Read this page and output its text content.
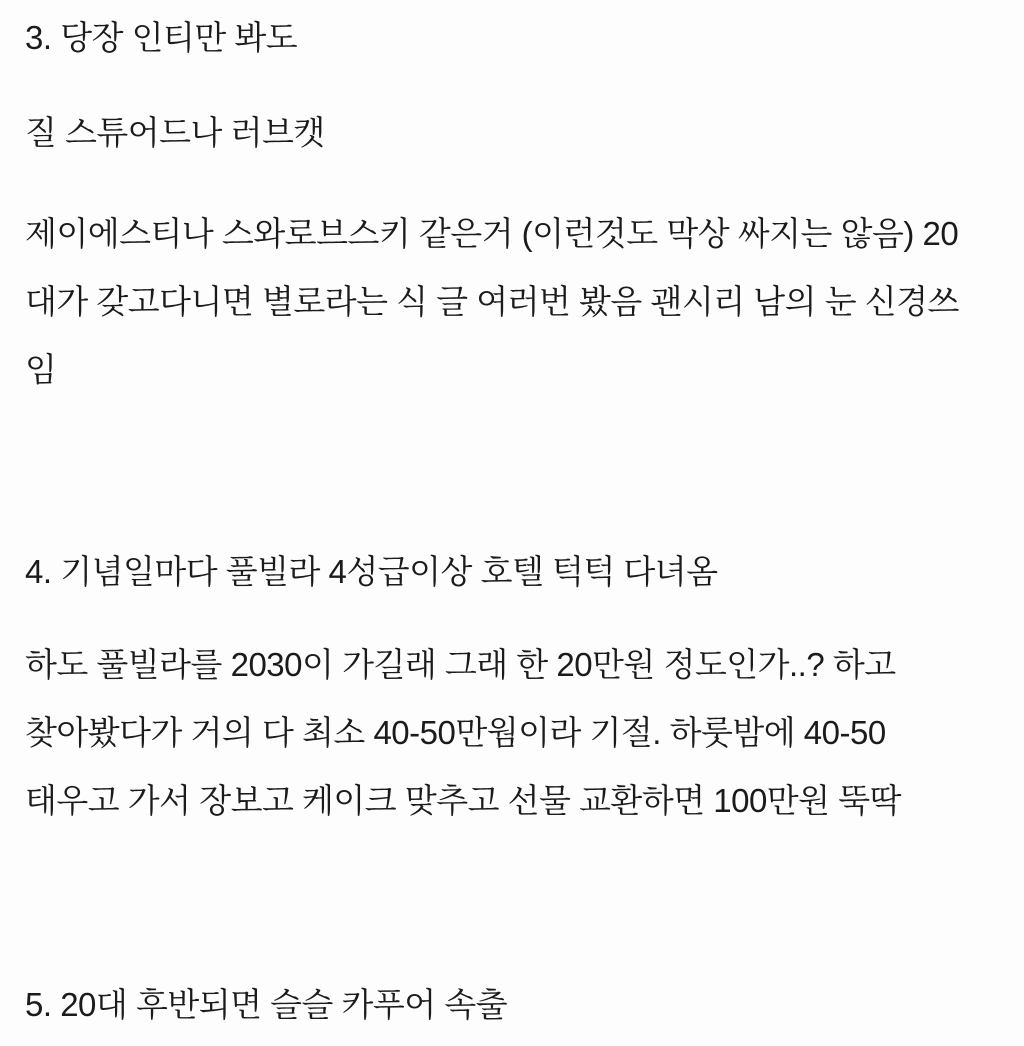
3. 당장 인티만 봐도
질 스튜어드나 러브캣
제이에스티나 스와로브스키 같은거 (이런것도 막상 싸지는 않음) 20
대가 갖고다니면 별로라는 식 글 여러번 봤음 괜시리 남의 눈 신경쓰
임
4. 기념일마다 풀빌라 4성급이상 호텔 턱턱 다녀옴
하도 풀빌라를 2030이 가길래 그래 한 20만원 정도인가..? 하고
찾아봤다가 거의 다 최소 40-50만웜이라 기절. 하룻밤에 40-50
태우고 가서 장보고 케이크 맞추고 선물 교환하면 100만원 뚝딱
5. 20대 후반되면 슬슬 카푸어 속출
